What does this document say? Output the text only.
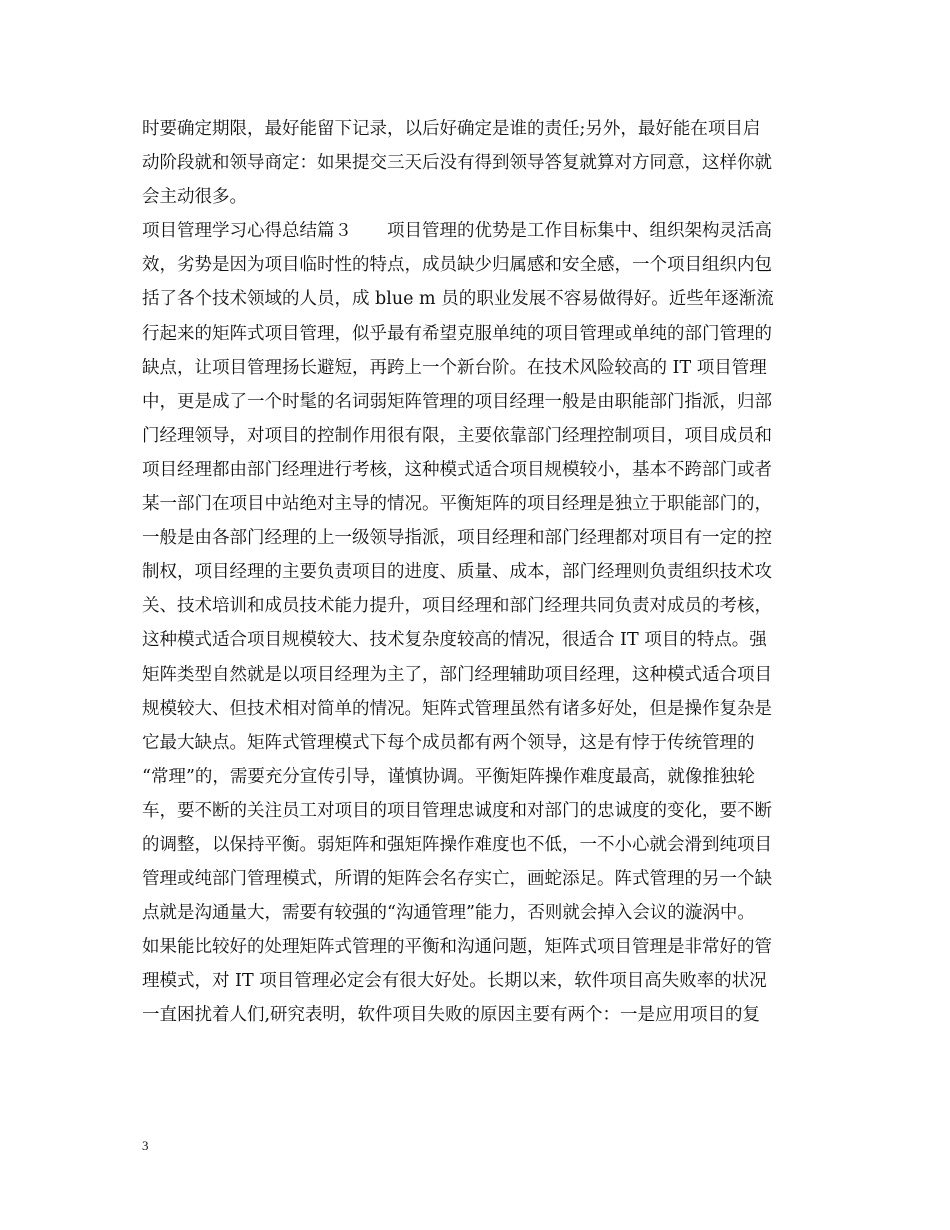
时要确定期限，最好能留下记录，以后好确定是谁的责任;另外，最好能在项目启
动阶段就和领导商定：如果提交三天后没有得到领导答复就算对方同意，这样你就
会主动很多。
项目管理学习心得总结篇３　　项目管理的优势是工作目标集中、组织架构灵活高
效，劣势是因为项目临时性的特点，成员缺少归属感和安全感，一个项目组织内包
括了各个技术领域的人员，成 blue m 员的职业发展不容易做得好。近些年逐渐流
行起来的矩阵式项目管理，似乎最有希望克服单纯的项目管理或单纯的部门管理的
缺点，让项目管理扬长避短，再跨上一个新台阶。在技术风险较高的 IT 项目管理
中，更是成了一个时髦的名词弱矩阵管理的项目经理一般是由职能部门指派，归部
门经理领导，对项目的控制作用很有限，主要依靠部门经理控制项目，项目成员和
项目经理都由部门经理进行考核，这种模式适合项目规模较小，基本不跨部门或者
某一部门在项目中站绝对主导的情况。平衡矩阵的项目经理是独立于职能部门的，
一般是由各部门经理的上一级领导指派，项目经理和部门经理都对项目有一定的控
制权，项目经理的主要负责项目的进度、质量、成本，部门经理则负责组织技术攻
关、技术培训和成员技术能力提升，项目经理和部门经理共同负责对成员的考核，
这种模式适合项目规模较大、技术复杂度较高的情况，很适合 IT 项目的特点。强
矩阵类型自然就是以项目经理为主了，部门经理辅助项目经理，这种模式适合项目
规模较大、但技术相对简单的情况。矩阵式管理虽然有诸多好处，但是操作复杂是
它最大缺点。矩阵式管理模式下每个成员都有两个领导，这是有悖于传统管理的
“常理”的，需要充分宣传引导，谨慎协调。平衡矩阵操作难度最高，就像推独轮
车，要不断的关注员工对项目的项目管理忠诚度和对部门的忠诚度的变化，要不断
的调整，以保持平衡。弱矩阵和强矩阵操作难度也不低，一不小心就会滑到纯项目
管理或纯部门管理模式，所谓的矩阵会名存实亡，画蛇添足。阵式管理的另一个缺
点就是沟通量大，需要有较强的“沟通管理”能力，否则就会掉入会议的漩涡中。
如果能比较好的处理矩阵式管理的平衡和沟通问题，矩阵式项目管理是非常好的管
理模式，对 IT 项目管理必定会有很大好处。长期以来，软件项目高失败率的状况
一直困扰着人们,研究表明，软件项目失败的原因主要有两个：一是应用项目的复
3
